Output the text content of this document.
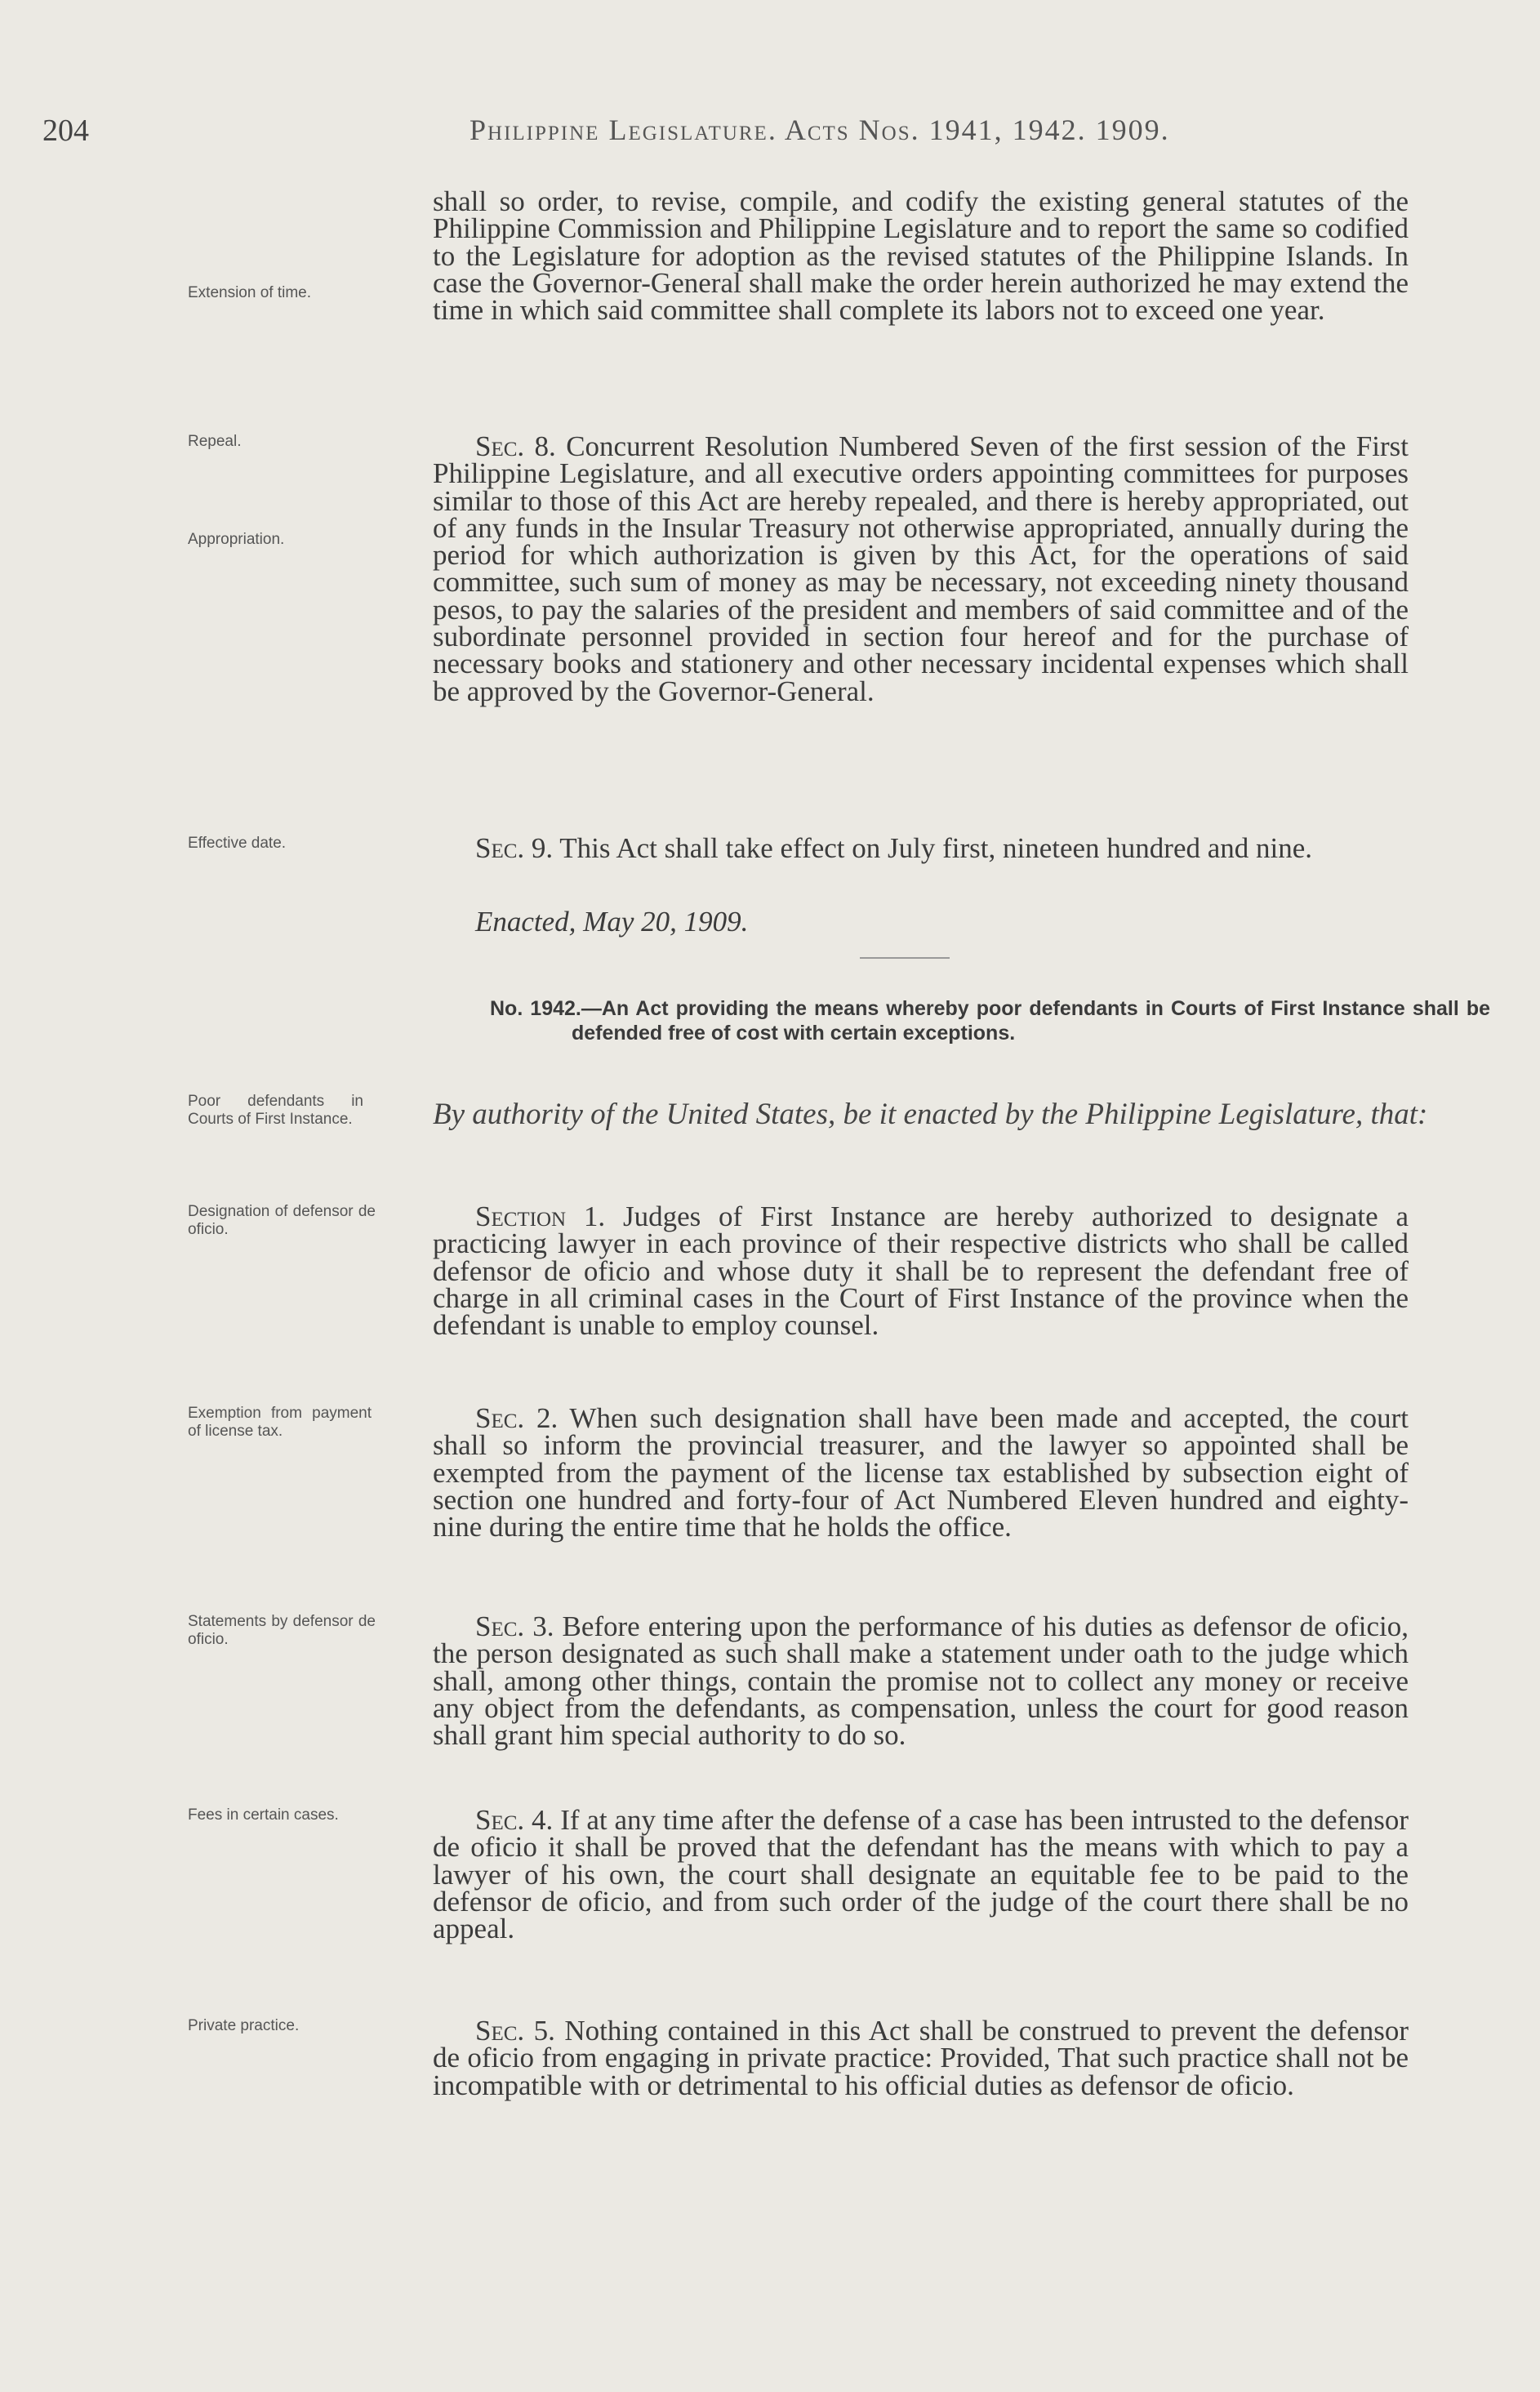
204	Philippine Legislature. Acts Nos. 1941, 1942. 1909.
Extension of time.
Repeal.
Appropriation.
Effective date.
Poor defendants in Courts of First Instance.
Designation of defensor de oficio.
Exemption from payment of license tax.
Statements by defensor de oficio.
Fees in certain cases.
Private practice.
shall so order, to revise, compile, and codify the existing general statutes of the Philippine Commission and Philippine Legislature and to report the same so codified to the Legislature for adoption as the revised statutes of the Philippine Islands. In case the Governor-General shall make the order herein authorized he may extend the time in which said committee shall complete its labors not to exceed one year.
Sec. 8. Concurrent Resolution Numbered Seven of the first session of the First Philippine Legislature, and all executive orders appointing committees for purposes similar to those of this Act are hereby repealed, and there is hereby appropriated, out of any funds in the Insular Treasury not otherwise appropriated, annually during the period for which authorization is given by this Act, for the operations of said committee, such sum of money as may be necessary, not exceeding ninety thousand pesos, to pay the salaries of the president and members of said committee and of the subordinate personnel provided in section four hereof and for the purchase of necessary books and stationery and other necessary incidental expenses which shall be approved by the Governor-General.
Sec. 9. This Act shall take effect on July first, nineteen hundred and nine.
Enacted, May 20, 1909.
No. 1942.—An Act providing the means whereby poor defendants in Courts of First Instance shall be defended free of cost with certain exceptions.
By authority of the United States, be it enacted by the Philippine Legislature, that:
Section 1. Judges of First Instance are hereby authorized to designate a practicing lawyer in each province of their respective districts who shall be called defensor de oficio and whose duty it shall be to represent the defendant free of charge in all criminal cases in the Court of First Instance of the province when the defendant is unable to employ counsel.
Sec. 2. When such designation shall have been made and accepted, the court shall so inform the provincial treasurer, and the lawyer so appointed shall be exempted from the payment of the license tax established by subsection eight of section one hundred and forty-four of Act Numbered Eleven hundred and eighty-nine during the entire time that he holds the office.
Sec. 3. Before entering upon the performance of his duties as defensor de oficio, the person designated as such shall make a statement under oath to the judge which shall, among other things, contain the promise not to collect any money or receive any object from the defendants, as compensation, unless the court for good reason shall grant him special authority to do so.
Sec. 4. If at any time after the defense of a case has been intrusted to the defensor de oficio it shall be proved that the defendant has the means with which to pay a lawyer of his own, the court shall designate an equitable fee to be paid to the defensor de oficio, and from such order of the judge of the court there shall be no appeal.
Sec. 5. Nothing contained in this Act shall be construed to prevent the defensor de oficio from engaging in private practice: Provided, That such practice shall not be incompatible with or detrimental to his official duties as defensor de oficio.
